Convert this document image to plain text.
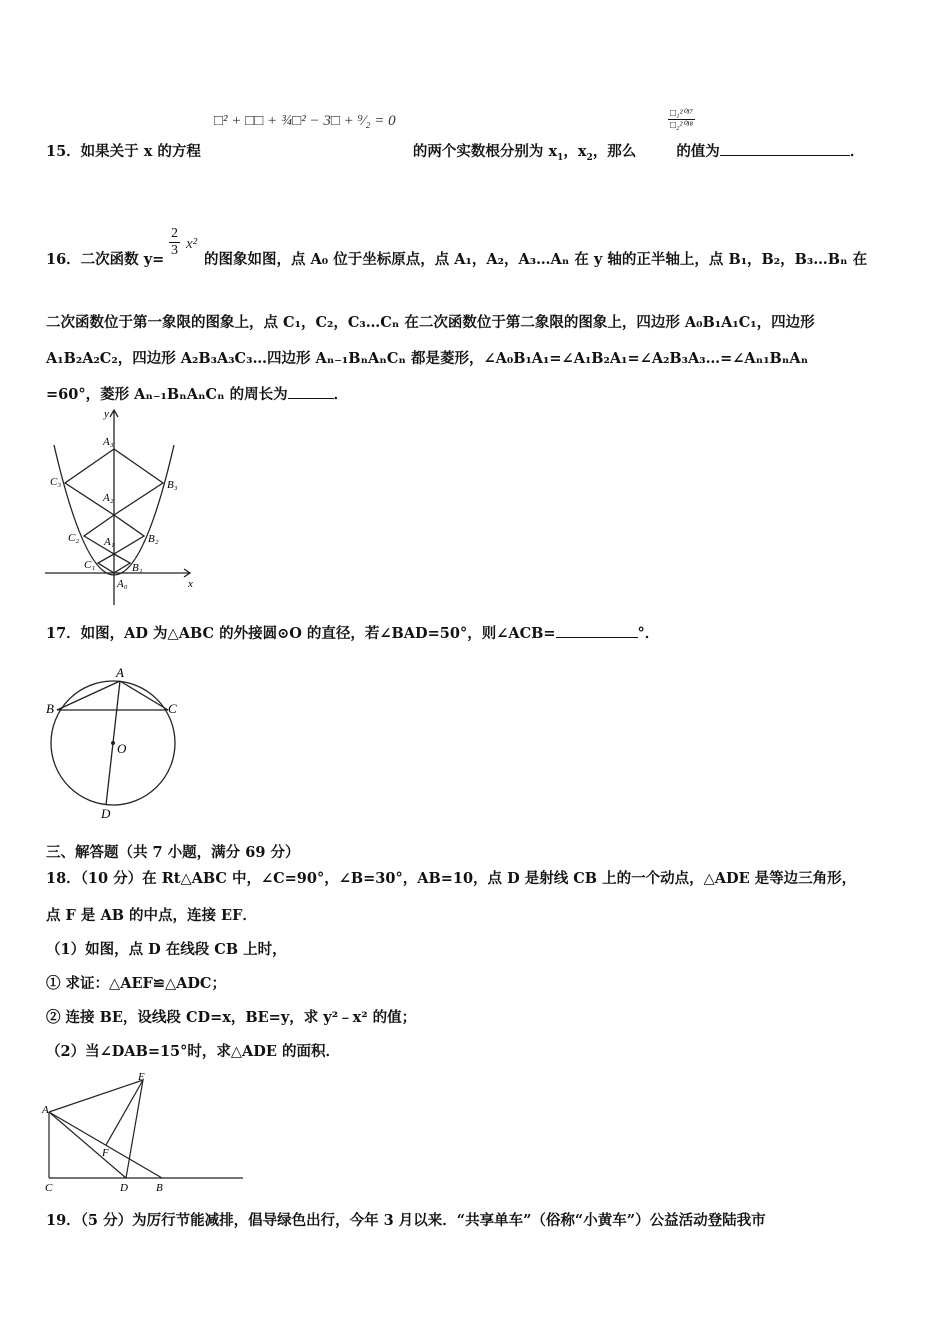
□² + □□ + ¾□² − 3□ + ⁹⁄₂ = 0	□₁²⁰¹⁷
□₂²⁰¹⁸
15．如果关于 x 的方程	的两个实数根分别为 $x_1$，$x_2$，那么	的值为	．
$\frac{2}{3} x^2$
16．二次函数 y=	的图象如图，点 A₀ 位于坐标原点，点 A₁，A₂，A₃…Aₙ 在 y 轴的正半轴上，点 B₁，B₂，B₃…Bₙ 在
二次函数位于第一象限的图象上，点 C₁，C₂，C₃…Cₙ 在二次函数位于第二象限的图象上，四边形 A₀B₁A₁C₁，四边形
A₁B₂A₂C₂，四边形 A₂B₃A₃C₃…四边形 Aₙ₋₁BₙAₙCₙ 都是菱形，∠A₀B₁A₁=∠A₁B₂A₁=∠A₂B₃A₃…=∠Aₙ₁BₙAₙ
=60°，菱形 Aₙ₋₁BₙAₙCₙ 的周长为	．
A₃
A₂
A₁
A₀
B₃
B₂
B₁
C₃
C₂
C₁
y
x
17．如图，AD 为△ABC 的外接圆⊙O 的直径，若∠BAD=50°，则∠ACB=	°．
A
B	C
O
D
三、解答题（共 7 小题，满分 69 分）
18．（10 分）在 Rt△ABC 中，∠C=90°，∠B=30°，AB=10，点 D 是射线 CB 上的一个动点，△ADE 是等边三角形，
点 F 是 AB 的中点，连接 EF．
（1）如图，点 D 在线段 CB 上时，
① 求证：△AEF≌△ADC；
② 连接 BE，设线段 CD=x，BE=y，求 y²﹣x² 的值；
（2）当∠DAB=15°时，求△ADE 的面积．
A
E
F
C	D	B
19．（5 分）为厉行节能减排，倡导绿色出行，今年 3 月以来．“共享单车”（俗称“小黄车”）公益活动登陆我市
